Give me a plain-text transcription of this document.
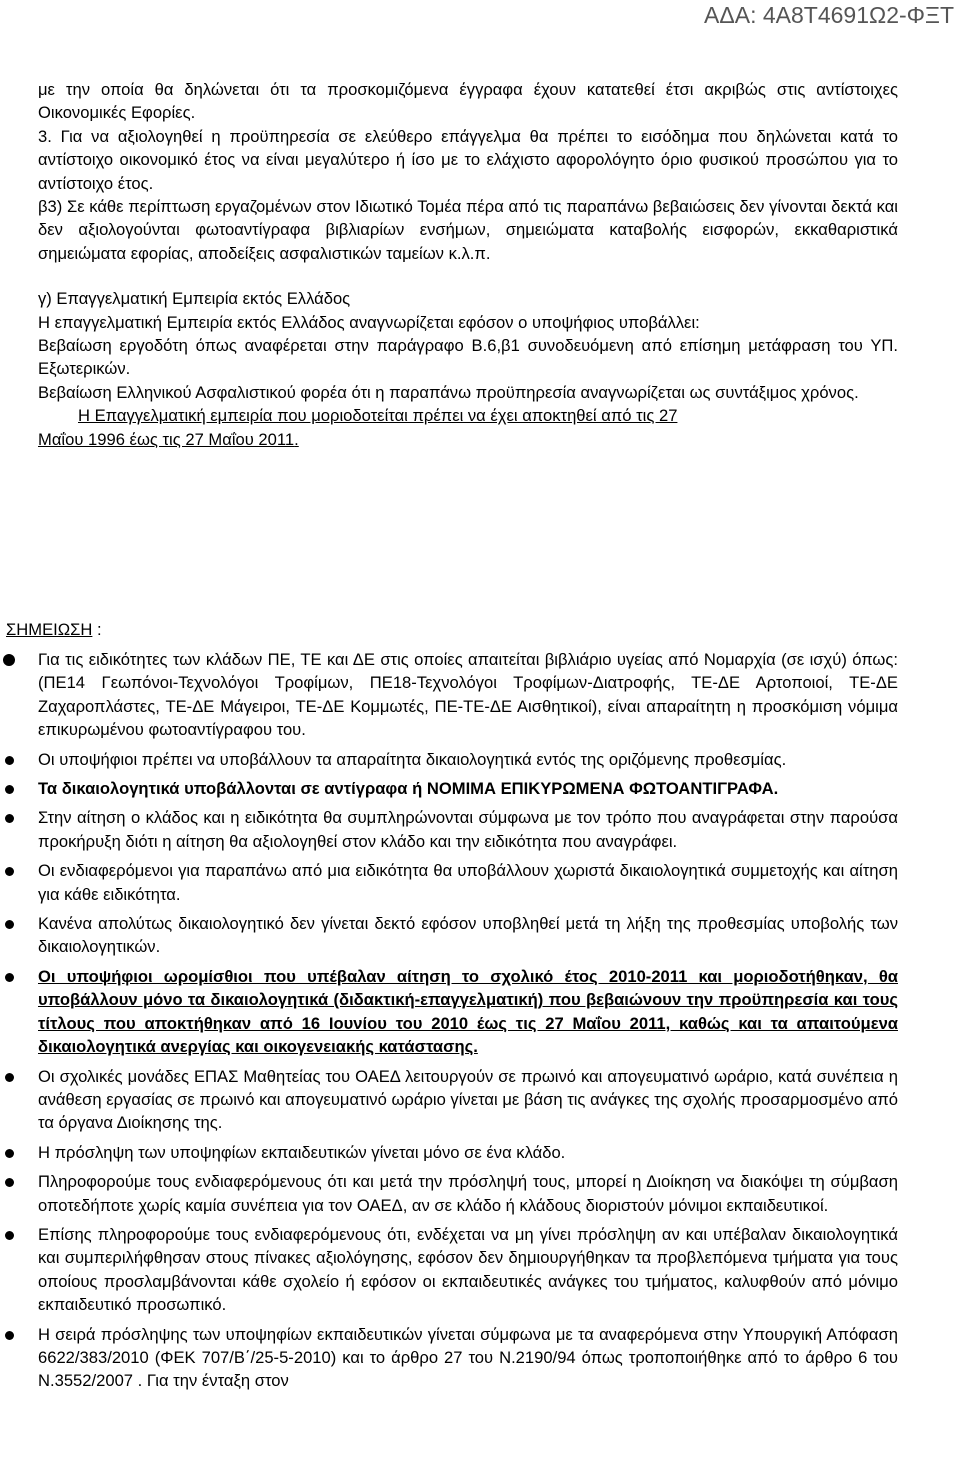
ΑΔΑ: 4Α8Τ4691Ω2-ΦΞΤ

με την οποία θα δηλώνεται ότι τα προσκομιζόμενα έγγραφα έχουν κατατεθεί έτσι ακριβώς στις αντίστοιχες Οικονομικές Εφορίες.

3. Για να αξιολογηθεί η προϋπηρεσία σε ελεύθερο επάγγελμα θα πρέπει το εισόδημα που δηλώνεται κατά το αντίστοιχο οικονομικό έτος να είναι μεγαλύτερο ή ίσο με το ελάχιστο αφορολόγητο όριο φυσικού προσώπου για το αντίστοιχο έτος.

β3) Σε κάθε περίπτωση εργαζομένων στον Ιδιωτικό Τομέα πέρα από τις παραπάνω βεβαιώσεις δεν γίνονται δεκτά και δεν αξιολογούνται φωτοαντίγραφα βιβλιαρίων ενσήμων, σημειώματα καταβολής εισφορών, εκκαθαριστικά σημειώματα εφορίας, αποδείξεις ασφαλιστικών ταμείων κ.λ.π.

γ) Επαγγελματική Εμπειρία εκτός Ελλάδος

Η επαγγελματική Εμπειρία εκτός Ελλάδος αναγνωρίζεται εφόσον ο υποψήφιος υποβάλλει:

Βεβαίωση εργοδότη όπως αναφέρεται στην παράγραφο Β.6,β1 συνοδευόμενη από επίσημη μετάφραση του ΥΠ. Εξωτερικών.

Βεβαίωση Ελληνικού Ασφαλιστικού φορέα ότι η παραπάνω προϋπηρεσία αναγνωρίζεται ως συντάξιμος χρόνος.

Η Επαγγελματική εμπειρία που μοριοδοτείται πρέπει να έχει αποκτηθεί από τις 27
Μαΐου 1996 έως τις 27 Μαΐου 2011.

ΣΗΜΕΙΩΣΗ :
Για τις ειδικότητες των κλάδων ΠΕ, ΤΕ και ΔΕ στις οποίες απαιτείται βιβλιάριο υγείας από Νομαρχία (σε ισχύ) όπως: (ΠΕ14 Γεωπόνοι-Τεχνολόγοι Τροφίμων, ΠΕ18-Τεχνολόγοι Τροφίμων-Διατροφής, ΤΕ-ΔΕ Αρτοποιοί, ΤΕ-ΔΕ Ζαχαροπλάστες, ΤΕ-ΔΕ Μάγειροι, ΤΕ-ΔΕ Κομμωτές, ΠΕ-ΤΕ-ΔΕ Αισθητικοί), είναι απαραίτητη η προσκόμιση νόμιμα επικυρωμένου φωτοαντίγραφου του.
Οι υποψήφιοι πρέπει να υποβάλλουν τα απαραίτητα δικαιολογητικά εντός της οριζόμενης προθεσμίας.
Τα δικαιολογητικά υποβάλλονται σε αντίγραφα ή ΝΟΜΙΜΑ ΕΠΙΚΥΡΩΜΕΝΑ ΦΩΤΟΑΝΤΙΓΡΑΦΑ.
Στην αίτηση ο κλάδος και η ειδικότητα θα συμπληρώνονται σύμφωνα με τον τρόπο που αναγράφεται στην παρούσα προκήρυξη διότι η αίτηση θα αξιολογηθεί στον κλάδο και την ειδικότητα που αναγράφει.
Οι ενδιαφερόμενοι για παραπάνω από μια ειδικότητα θα υποβάλλουν χωριστά δικαιολογητικά συμμετοχής και αίτηση για κάθε ειδικότητα.
Κανένα απολύτως δικαιολογητικό δεν γίνεται δεκτό εφόσον υποβληθεί μετά τη λήξη της προθεσμίας υποβολής των δικαιολογητικών.
Οι υποψήφιοι ωρομίσθιοι που υπέβαλαν αίτηση το σχολικό έτος 2010-2011 και μοριοδοτήθηκαν, θα υποβάλλουν μόνο τα δικαιολογητικά (διδακτική-επαγγελματική) που βεβαιώνουν την προϋπηρεσία και τους τίτλους που αποκτήθηκαν από 16 Ιουνίου του 2010 έως τις 27 Μαΐου 2011, καθώς και τα απαιτούμενα δικαιολογητικά ανεργίας και οικογενειακής κατάστασης.
Οι σχολικές μονάδες ΕΠΑΣ Μαθητείας του ΟΑΕΔ λειτουργούν σε πρωινό και απογευματινό ωράριο, κατά συνέπεια η ανάθεση εργασίας σε πρωινό και απογευματινό ωράριο γίνεται με βάση τις ανάγκες της σχολής προσαρμοσμένο από τα όργανα Διοίκησης της.
Η πρόσληψη των υποψηφίων εκπαιδευτικών γίνεται μόνο σε ένα κλάδο.
Πληροφορούμε τους ενδιαφερόμενους ότι και μετά την πρόσληψή τους, μπορεί η Διοίκηση να διακόψει τη σύμβαση οποτεδήποτε χωρίς καμία συνέπεια για τον ΟΑΕΔ, αν σε κλάδο ή κλάδους διοριστούν μόνιμοι εκπαιδευτικοί.
Επίσης πληροφορούμε τους ενδιαφερόμενους ότι, ενδέχεται να μη γίνει πρόσληψη αν και υπέβαλαν δικαιολογητικά και συμπεριλήφθησαν στους πίνακες αξιολόγησης, εφόσον δεν δημιουργήθηκαν τα προβλεπόμενα τμήματα για τους οποίους προσλαμβάνονται κάθε σχολείο ή εφόσον οι εκπαιδευτικές ανάγκες του τμήματος, καλυφθούν από μόνιμο εκπαιδευτικό προσωπικό.
Η σειρά πρόσληψης των υποψηφίων εκπαιδευτικών γίνεται σύμφωνα με τα αναφερόμενα στην Υπουργική Απόφαση 6622/383/2010 (ΦΕΚ 707/Β΄/25-5-2010) και το άρθρο 27 του Ν.2190/94 όπως τροποποιήθηκε από το άρθρο 6 του Ν.3552/2007 . Για την ένταξη στον
